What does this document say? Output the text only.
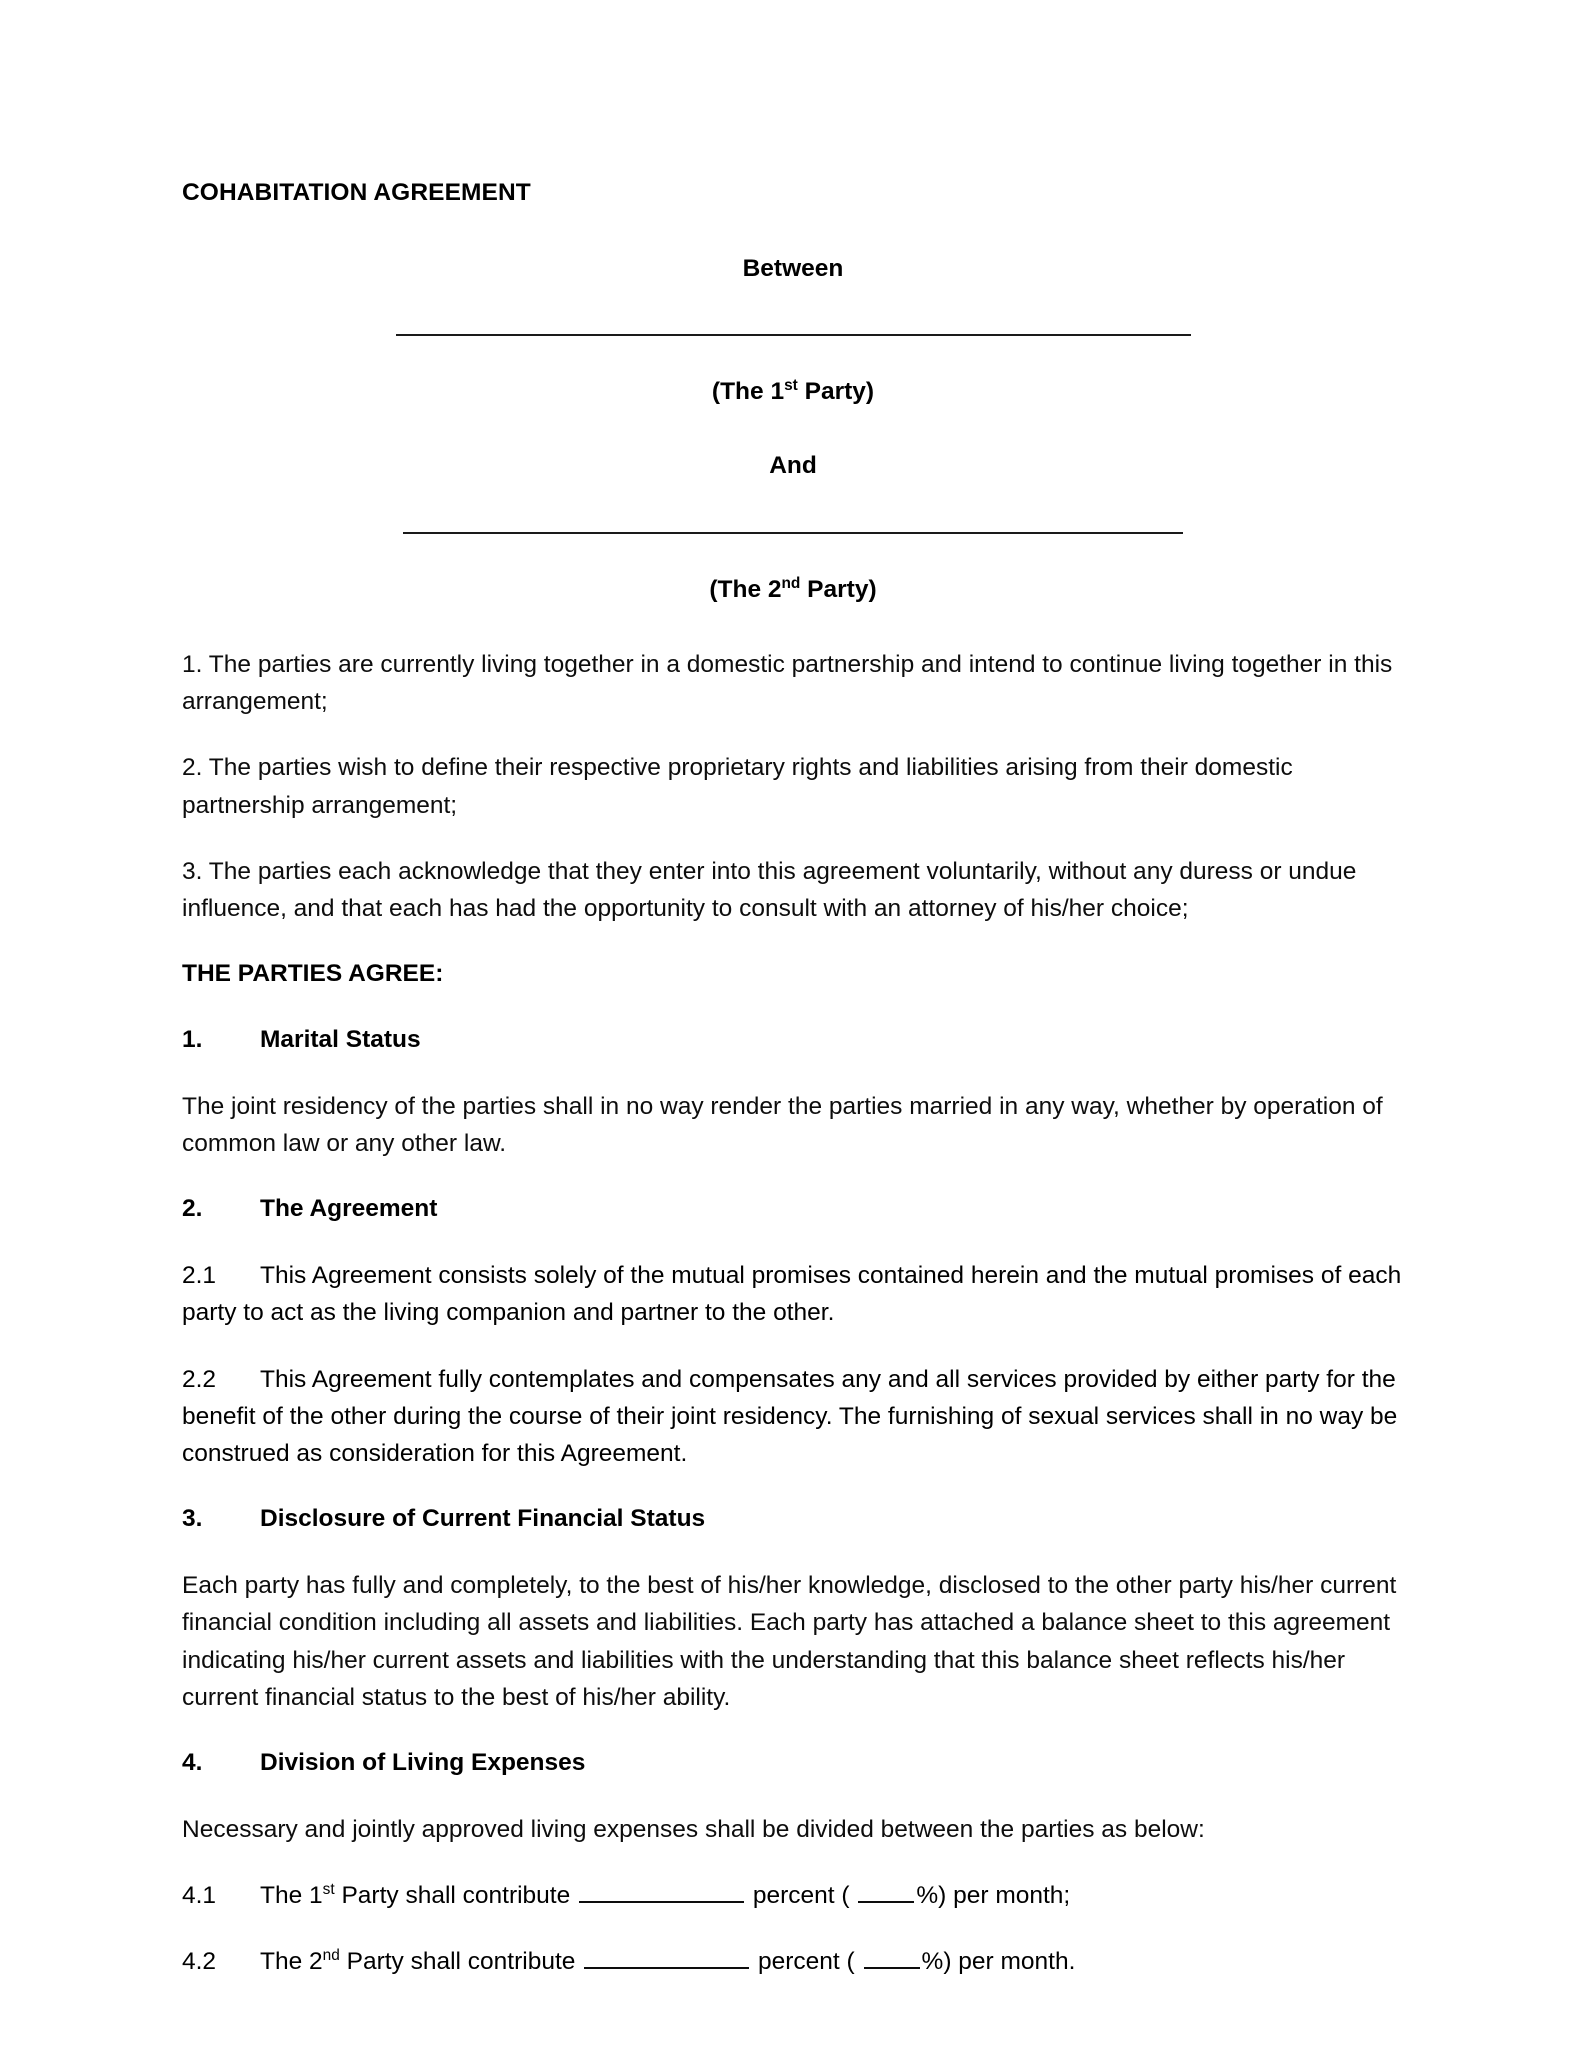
COHABITATION AGREEMENT

Between

(The 1st Party)

And

(The 2nd Party)

1. The parties are currently living together in a domestic partnership and intend to continue living together in this arrangement;

2. The parties wish to define their respective proprietary rights and liabilities arising from their domestic partnership arrangement;

3. The parties each acknowledge that they enter into this agreement voluntarily, without any duress or undue influence, and that each has had the opportunity to consult with an attorney of his/her choice;

THE PARTIES AGREE:

1. Marital Status

The joint residency of the parties shall in no way render the parties married in any way, whether by operation of common law or any other law.

2. The Agreement

2.1 This Agreement consists solely of the mutual promises contained herein and the mutual promises of each party to act as the living companion and partner to the other.

2.2 This Agreement fully contemplates and compensates any and all services provided by either party for the benefit of the other during the course of their joint residency. The furnishing of sexual services shall in no way be construed as consideration for this Agreement.

3. Disclosure of Current Financial Status

Each party has fully and completely, to the best of his/her knowledge, disclosed to the other party his/her current financial condition including all assets and liabilities. Each party has attached a balance sheet to this agreement indicating his/her current assets and liabilities with the understanding that this balance sheet reflects his/her current financial status to the best of his/her ability.

4. Division of Living Expenses

Necessary and jointly approved living expenses shall be divided between the parties as below:

4.1 The 1st Party shall contribute	percent ( %) per month;

4.2 The 2nd Party shall contribute	percent ( %) per month.
